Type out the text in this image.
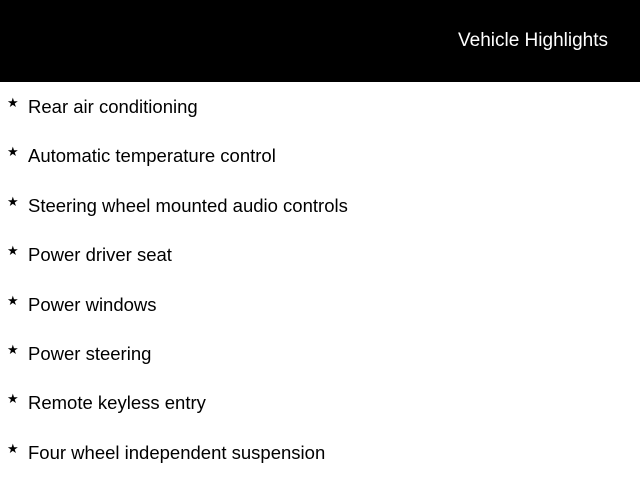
Vehicle Highlights
★ Rear air conditioning
★ Automatic temperature control
★ Steering wheel mounted audio controls
★ Power driver seat
★ Power windows
★ Power steering
★ Remote keyless entry
★ Four wheel independent suspension
